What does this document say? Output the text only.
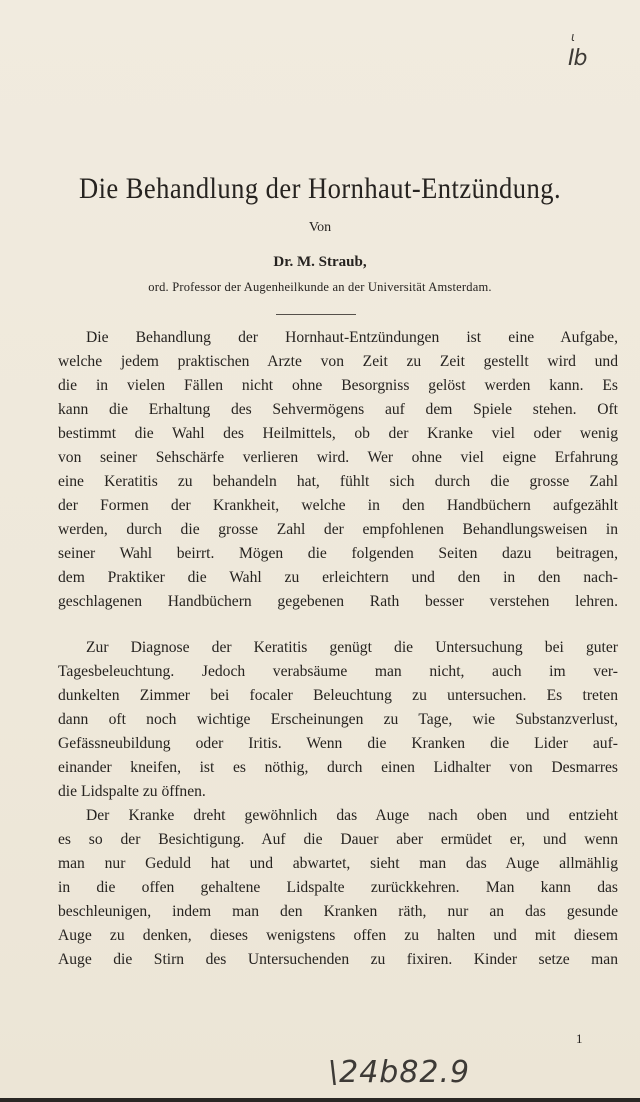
ι
Ib
Die Behandlung der Hornhaut-Entzündung.
Von
Dr. M. Straub,
ord. Professor der Augenheilkunde an der Universität Amsterdam.
Die Behandlung der Hornhaut-Entzündungen ist eine Aufgabe,
welche jedem praktischen Arzte von Zeit zu Zeit gestellt wird und
die in vielen Fällen nicht ohne Besorgniss gelöst werden kann. Es
kann die Erhaltung des Sehvermögens auf dem Spiele stehen. Oft
bestimmt die Wahl des Heilmittels, ob der Kranke viel oder wenig
von seiner Sehschärfe verlieren wird. Wer ohne viel eigne Erfahrung
eine Keratitis zu behandeln hat, fühlt sich durch die grosse Zahl
der Formen der Krankheit, welche in den Handbüchern aufgezählt
werden, durch die grosse Zahl der empfohlenen Behandlungsweisen in
seiner Wahl beirrt. Mögen die folgenden Seiten dazu beitragen,
dem Praktiker die Wahl zu erleichtern und den in den nach-
geschlagenen Handbüchern gegebenen Rath besser verstehen lehren.
Zur Diagnose der Keratitis genügt die Untersuchung bei guter
Tagesbeleuchtung. Jedoch verabsäume man nicht, auch im ver-
dunkelten Zimmer bei focaler Beleuchtung zu untersuchen. Es treten
dann oft noch wichtige Erscheinungen zu Tage, wie Substanzverlust,
Gefässneubildung oder Iritis. Wenn die Kranken die Lider auf-
einander kneifen, ist es nöthig, durch einen Lidhalter von Desmarres
die Lidspalte zu öffnen.
Der Kranke dreht gewöhnlich das Auge nach oben und entzieht
es so der Besichtigung. Auf die Dauer aber ermüdet er, und wenn
man nur Geduld hat und abwartet, sieht man das Auge allmählig
in die offen gehaltene Lidspalte zurückkehren. Man kann das
beschleunigen, indem man den Kranken räth, nur an das gesunde
Auge zu denken, dieses wenigstens offen zu halten und mit diesem
Auge die Stirn des Untersuchenden zu fixiren. Kinder setze man
1
\24b82.9
